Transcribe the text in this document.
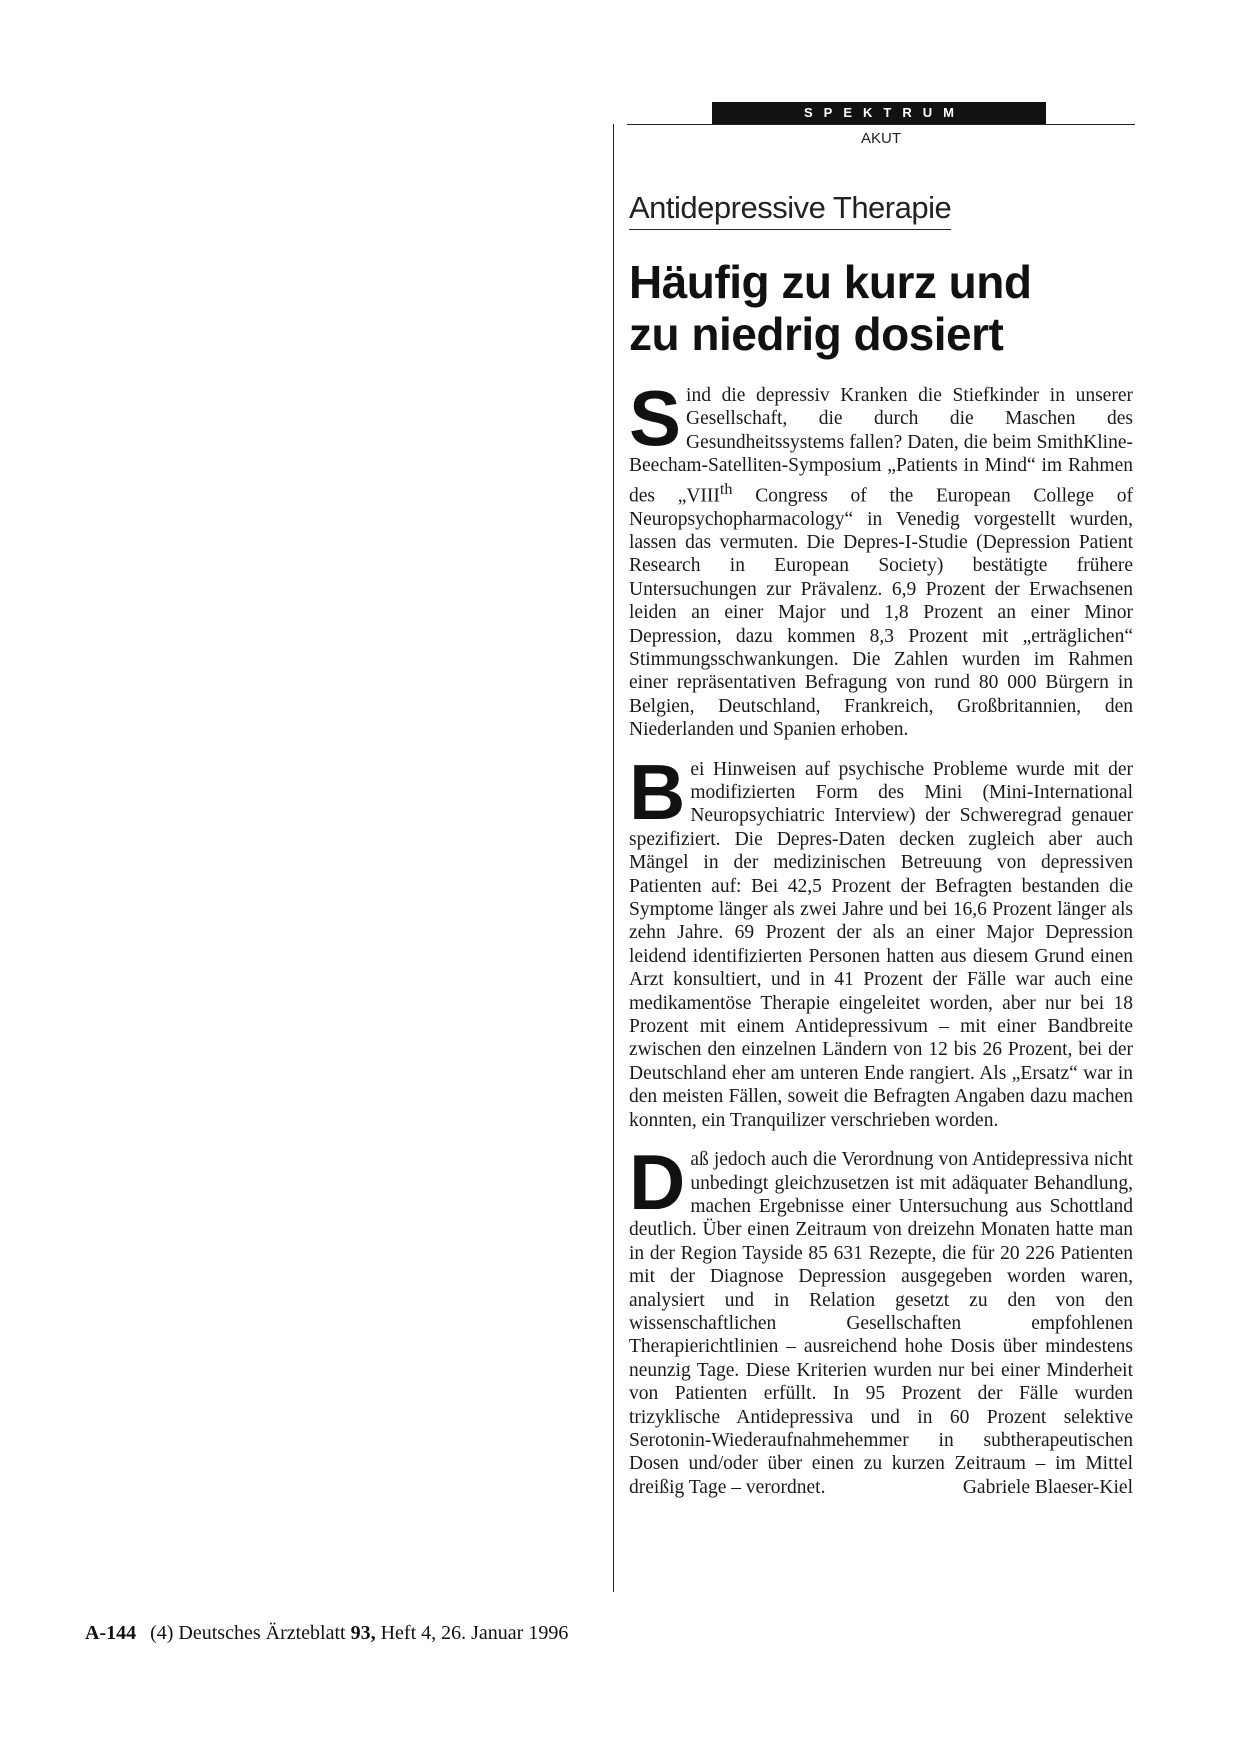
SPEKTRUM
AKUT
Antidepressive Therapie
Häufig zu kurz und
zu niedrig dosiert

Sind die depressiv Kranken die Stiefkinder in unserer Gesellschaft, die durch die Maschen des Gesundheitssystems fallen? Daten, die beim SmithKline-Beecham-Satelliten-Symposium „Patients in Mind“ im Rahmen des „VIIIth Congress of the European College of Neuropsychopharmacology“ in Venedig vorgestellt wurden, lassen das vermuten. Die Depres-I-Studie (Depression Patient Research in European Society) bestätigte frühere Untersuchungen zur Prävalenz. 6,9 Prozent der Erwachsenen leiden an einer Major und 1,8 Prozent an einer Minor Depression, dazu kommen 8,3 Prozent mit „erträglichen“ Stimmungsschwankungen. Die Zahlen wurden im Rahmen einer repräsentativen Befragung von rund 80 000 Bürgern in Belgien, Deutschland, Frankreich, Großbritannien, den Niederlanden und Spanien erhoben.

Bei Hinweisen auf psychische Probleme wurde mit der modifizierten Form des Mini (Mini-International Neuropsychiatric Interview) der Schweregrad genauer spezifiziert. Die Depres-Daten decken zugleich aber auch Mängel in der medizinischen Betreuung von depressiven Patienten auf: Bei 42,5 Prozent der Befragten bestanden die Symptome länger als zwei Jahre und bei 16,6 Prozent länger als zehn Jahre. 69 Prozent der als an einer Major Depression leidend identifizierten Personen hatten aus diesem Grund einen Arzt konsultiert, und in 41 Prozent der Fälle war auch eine medikamentöse Therapie eingeleitet worden, aber nur bei 18 Prozent mit einem Antidepressivum – mit einer Bandbreite zwischen den einzelnen Ländern von 12 bis 26 Prozent, bei der Deutschland eher am unteren Ende rangiert. Als „Ersatz“ war in den meisten Fällen, soweit die Befragten Angaben dazu machen konnten, ein Tranquilizer verschrieben worden.

Daß jedoch auch die Verordnung von Antidepressiva nicht unbedingt gleichzusetzen ist mit adäquater Behandlung, machen Ergebnisse einer Untersuchung aus Schottland deutlich. Über einen Zeitraum von dreizehn Monaten hatte man in der Region Tayside 85 631 Rezepte, die für 20 226 Patienten mit der Diagnose Depression ausgegeben worden waren, analysiert und in Relation gesetzt zu den von den wissenschaftlichen Gesellschaften empfohlenen Therapierichtlinien – ausreichend hohe Dosis über mindestens neunzig Tage. Diese Kriterien wurden nur bei einer Minderheit von Patienten erfüllt. In 95 Prozent der Fälle wurden trizyklische Antidepressiva und in 60 Prozent selektive Serotonin-Wiederaufnahmehemmer in subtherapeutischen Dosen und/oder über einen zu kurzen Zeitraum – im Mittel dreißig Tage – verordnet.	Gabriele Blaeser-Kiel

A-144 (4) Deutsches Ärzteblatt 93, Heft 4, 26. Januar 1996
